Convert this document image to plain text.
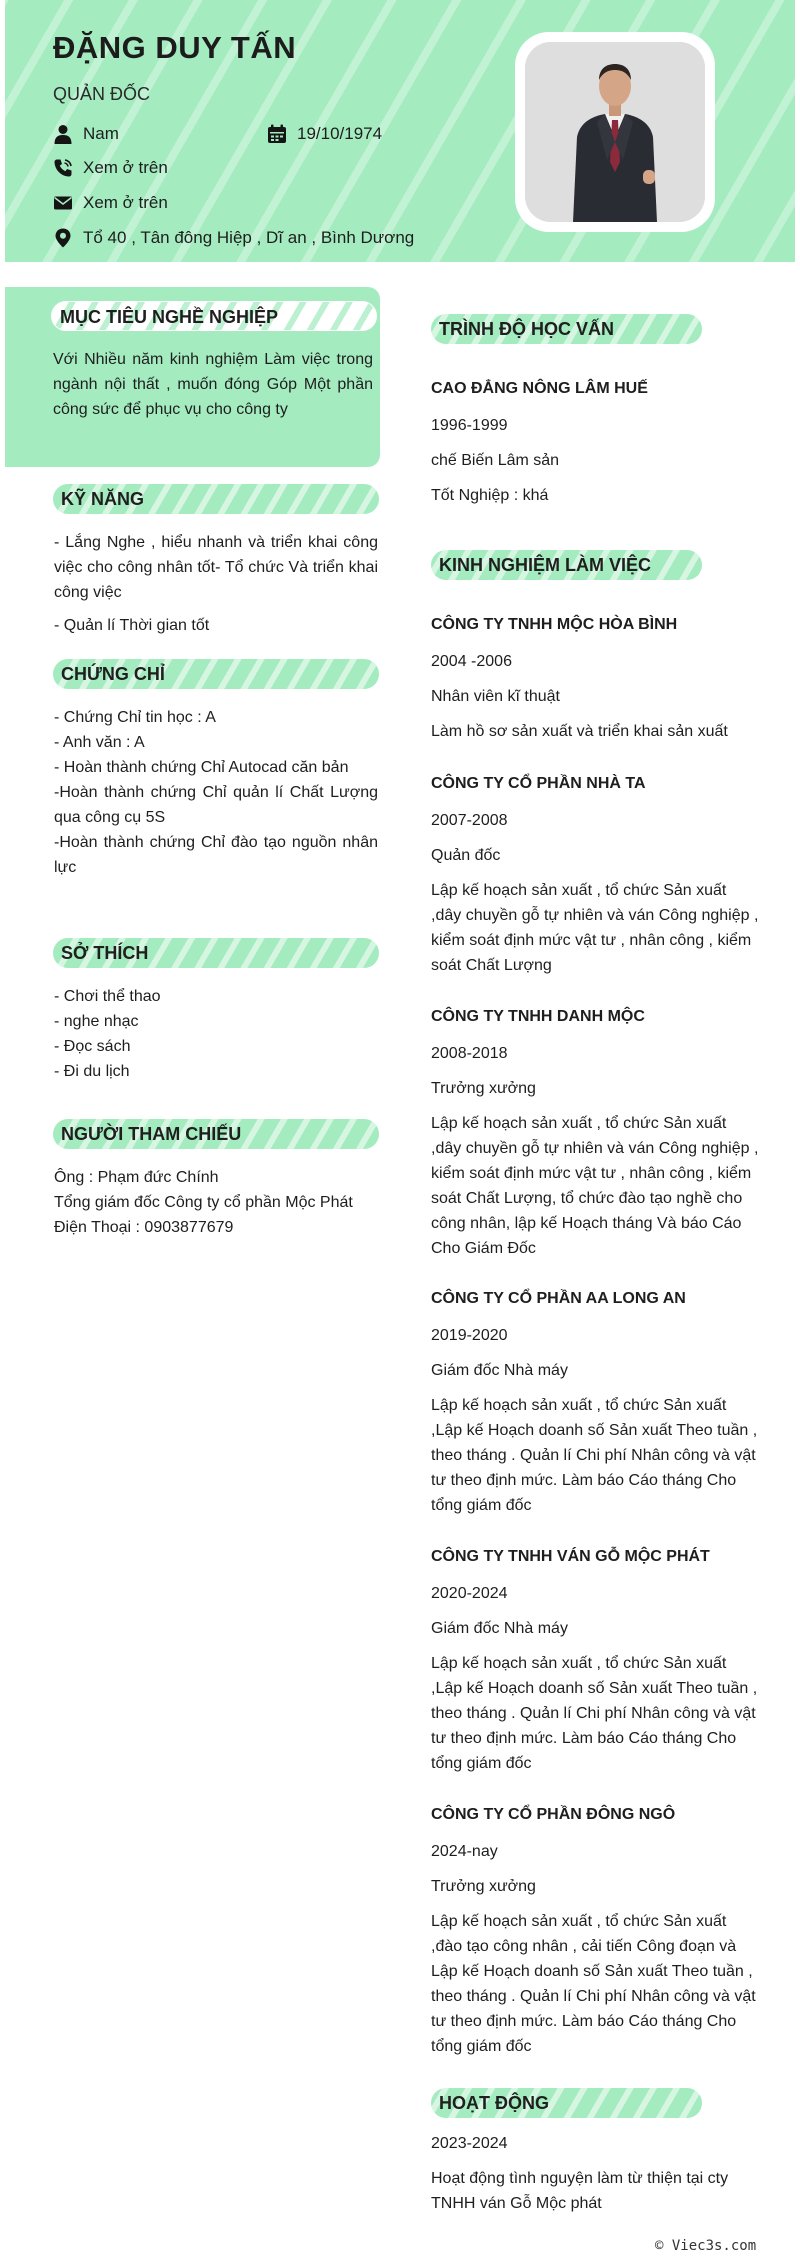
ĐẶNG DUY TẤN
QUẢN ĐỐC
Nam	19/10/1974
Xem ở trên
Xem ở trên
Tổ 40 , Tân đông Hiệp , Dĩ an , Bình Dương
MỤC TIÊU NGHỀ NGHIỆP
Với Nhiều năm kinh nghiệm Làm việc trong ngành nội thất , muốn đóng Góp Một phần công sức để phục vụ cho công ty
KỸ NĂNG
- Lắng Nghe , hiểu nhanh và triển khai công việc cho công nhân tốt- Tổ chức Và triển khai công việc
- Quản lí Thời gian tốt
CHỨNG CHỈ
- Chứng Chỉ tin học : A
- Anh văn : A
- Hoàn thành chứng Chỉ Autocad căn bản
-Hoàn thành chứng Chỉ quản lí Chất Lượng qua công cụ 5S
-Hoàn thành chứng Chỉ đào tạo nguồn nhân lực
SỞ THÍCH
- Chơi thể thao
- nghe nhạc
- Đọc sách
- Đi du lịch
NGƯỜI THAM CHIẾU
Ông : Phạm đức Chính
Tổng giám đốc Công ty cổ phần Mộc Phát
Điện Thoại : 0903877679
TRÌNH ĐỘ HỌC VẤN
CAO ĐẲNG NÔNG LÂM HUẾ
1996-1999
chế Biến Lâm sản
Tốt Nghiệp : khá
KINH NGHIỆM LÀM VIỆC
CÔNG TY TNHH MỘC HÒA BÌNH
2004 -2006
Nhân viên kĩ thuật
Làm hồ sơ sản xuất và triển khai sản xuất
CÔNG TY CỔ PHẦN NHÀ TA
2007-2008
Quản đốc
Lập kế hoạch sản xuất , tổ chức Sản xuất ,dây chuyền gỗ tự nhiên và ván Công nghiệp , kiểm soát định mức vật tư , nhân công , kiểm soát Chất Lượng
CÔNG TY TNHH DANH MỘC
2008-2018
Trưởng xưởng
Lập kế hoạch sản xuất , tổ chức Sản xuất ,dây chuyền gỗ tự nhiên và ván Công nghiệp , kiểm soát định mức vật tư , nhân công , kiểm soát Chất Lượng, tổ chức đào tạo nghề cho công nhân, lập kế Hoạch tháng Và báo Cáo Cho Giám Đốc
CÔNG TY CỔ PHẦN AA LONG AN
2019-2020
Giám đốc Nhà máy
Lập kế hoạch sản xuất , tổ chức Sản xuất ,Lập kế Hoạch doanh số Sản xuất Theo tuần , theo tháng . Quản lí Chi phí Nhân công và vật tư theo định mức. Làm báo Cáo tháng Cho tổng giám đốc
CÔNG TY TNHH VÁN GỖ MỘC PHÁT
2020-2024
Giám đốc Nhà máy
Lập kế hoạch sản xuất , tổ chức Sản xuất ,Lập kế Hoạch doanh số Sản xuất Theo tuần , theo tháng . Quản lí Chi phí Nhân công và vật tư theo định mức. Làm báo Cáo tháng Cho tổng giám đốc
CÔNG TY CỔ PHẦN ĐÔNG NGÔ
2024-nay
Trưởng xưởng
Lập kế hoạch sản xuất , tổ chức Sản xuất ,đào tạo công nhân , cải tiến Công đoạn và Lập kế Hoạch doanh số Sản xuất Theo tuần , theo tháng . Quản lí Chi phí Nhân công và vật tư theo định mức. Làm báo Cáo tháng Cho tổng giám đốc
HOẠT ĐỘNG
2023-2024
Hoạt động tình nguyện làm từ thiện tại cty TNHH ván Gỗ Mộc phát
© Viec3s.com
